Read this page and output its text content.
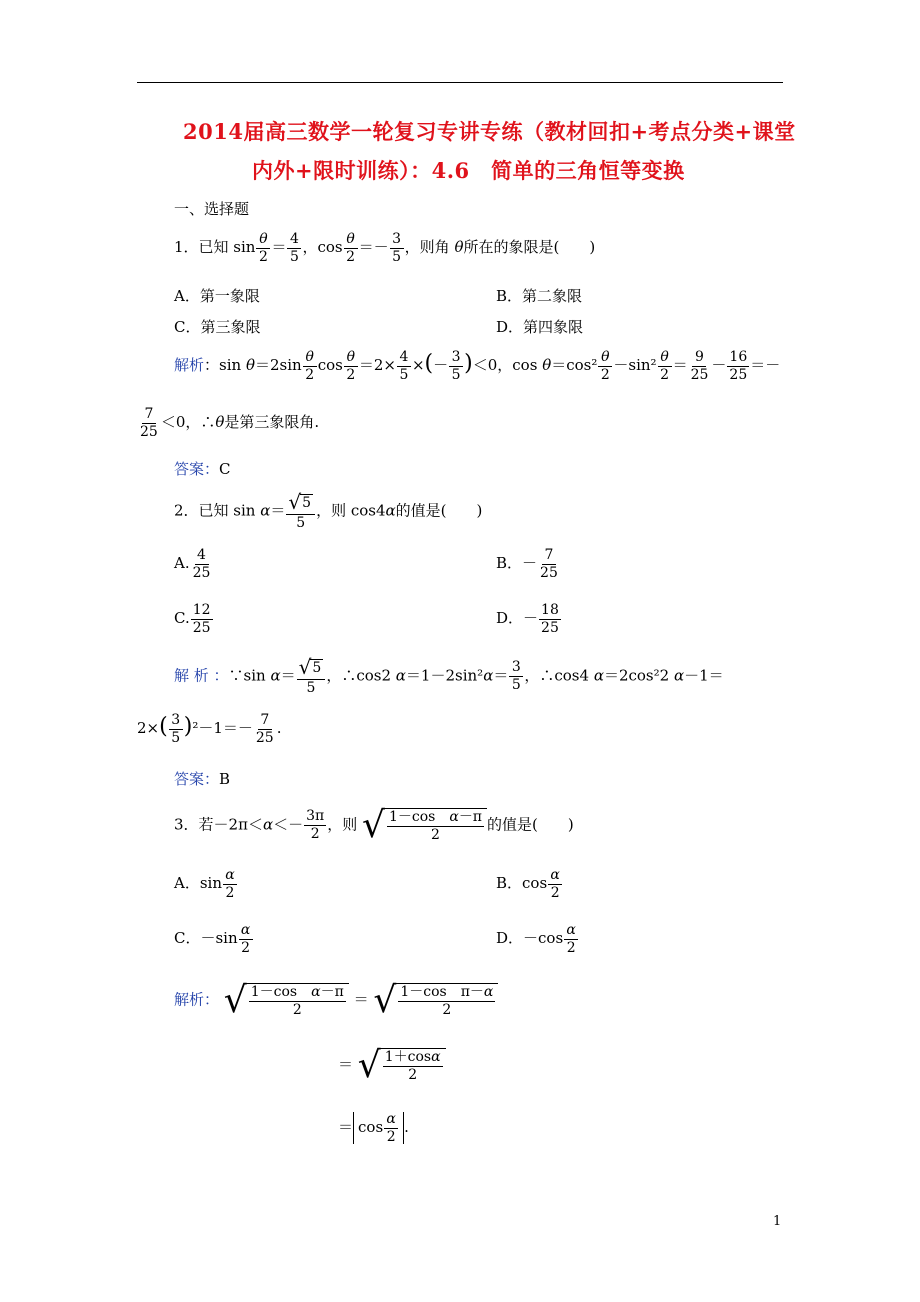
2014届高三数学一轮复习专讲专练（教材回扣+考点分类+课堂
内外+限时训练）：4.6　简单的三角恒等变换
一、选择题
1．已知 $\sin \frac{\theta}{2} = \frac{4}{5}$ ，$\cos \frac{\theta}{2} =- \frac{3}{5}$ ，则角 θ所在的象限是(　　)
A．第一象限	B．第二象限
C．第三象限	D．第四象限
解析：$\sin \theta=2\sin \frac{\theta}{2}$ $\cos \frac{\theta}{2} =2\times \frac{4}{5}$ ×(－ $\frac{3}{5} )<0$，$\cos \theta=\cos^2 \frac{\theta}{2} -\sin^2 \frac{\theta}{2} = \frac{9}{25} - \frac{16}{25}$ ＝－
$\frac{7}{25} <0$，∴θ是第三象限角.
答案：C
2．已知 $\sin \alpha= \frac{√ 5}{5}$ ，则 cos4α的值是(　　)
A. $\frac{4}{25}$	B．－ $\frac{7}{25}$
C. $\frac{12}{25}$	D．－ $\frac{18}{25}$
解 析 ：∵sin $\alpha= \frac{√ 5}{5}$ ，∴cos2 $\alpha=1-2\sin^2\alpha= \frac{3}{5}$ ，∴cos4 α＝2cos²2 α－1＝
$2\times( \frac{3}{5} )^2-1=- \frac{7}{25}$ .
答案：B
3．若$-2\pi<\alpha<- \frac{3\pi}{2}$ ，则 √ $\frac{\text{1－cos　α－π}}{2}$ 的值是(　　)
A．$\sin \frac{\alpha}{2}$	B．$\cos \frac{\alpha}{2}$
C．$-\sin \frac{\alpha}{2}$	D．$-\cos \frac{\alpha}{2}$
解析： √ $\frac{\text{1－cos　α－π}}{2}$ ＝ √ $\frac{\text{1－cos　π－α}}{2}$
＝ √ $\frac{1+\cos\alpha}{2}$
＝ $\cos \frac{\alpha}{2}$ .
1
